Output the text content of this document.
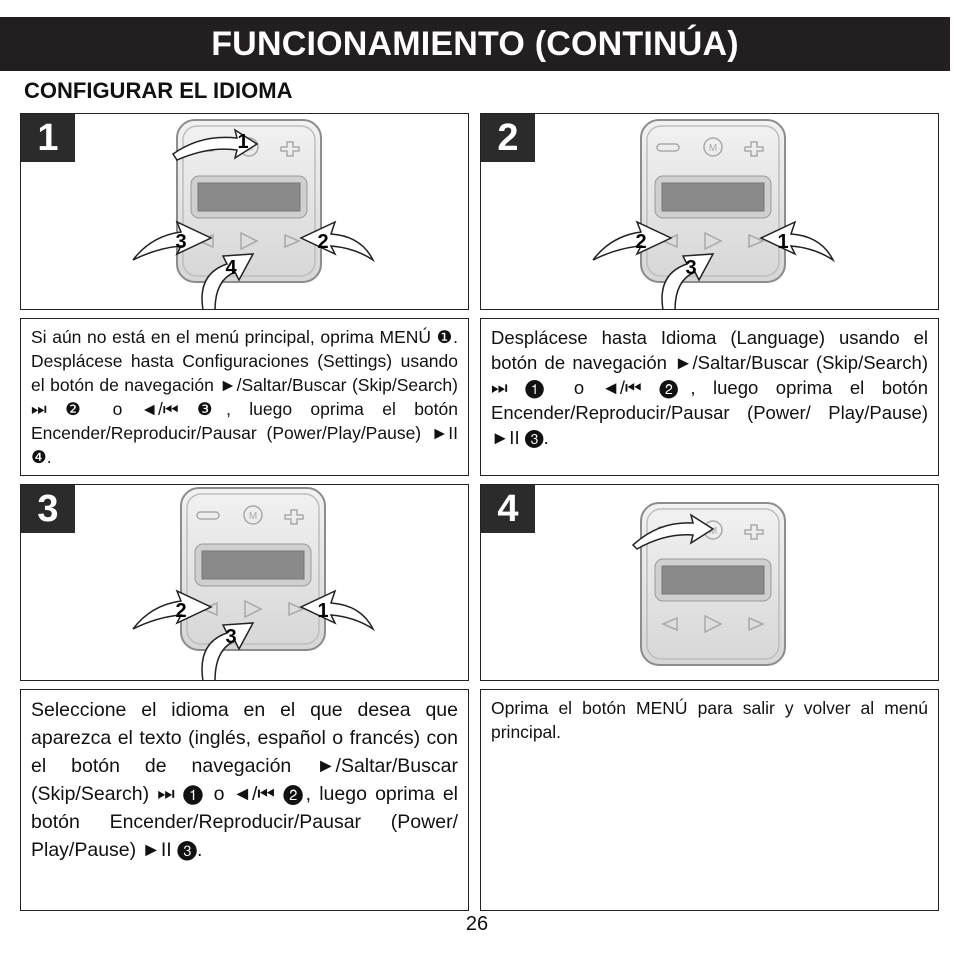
FUNCIONAMIENTO (CONTINÚA)
CONFIGURAR EL IDIOMA
1	1
3	2
4
2
2	1
3

Si aún no está en el menú principal, oprima MENÚ ❶. Desplácese hasta Configuraciones (Settings) usando el botón de navegación ►/Saltar/Buscar (Skip/Search) ⏭ ❷ o ◄/⏮ ❸, luego oprima el botón Encender/Reproducir/Pausar (Power/Play/Pause) ►II ❹.

Desplácese hasta Idioma (Language) usando el botón de navegación ►/Saltar/Buscar (Skip/Search) ⏭ ❶ o ◄/⏮ ❷, luego oprima el botón Encender/Reproducir/Pausar (Power/ Play/Pause) ►II ❸.

3
2	1
3
4

Seleccione el idioma en el que desea que aparezca el texto (inglés, español o francés) con el botón de navegación ►/Saltar/Buscar (Skip/Search) ⏭ ❶ o ◄/⏮ ❷, luego oprima el botón Encender/Reproducir/Pausar (Power/ Play/Pause) ►II ❸.

Oprima el botón MENÚ para salir y volver al menú principal.

26
